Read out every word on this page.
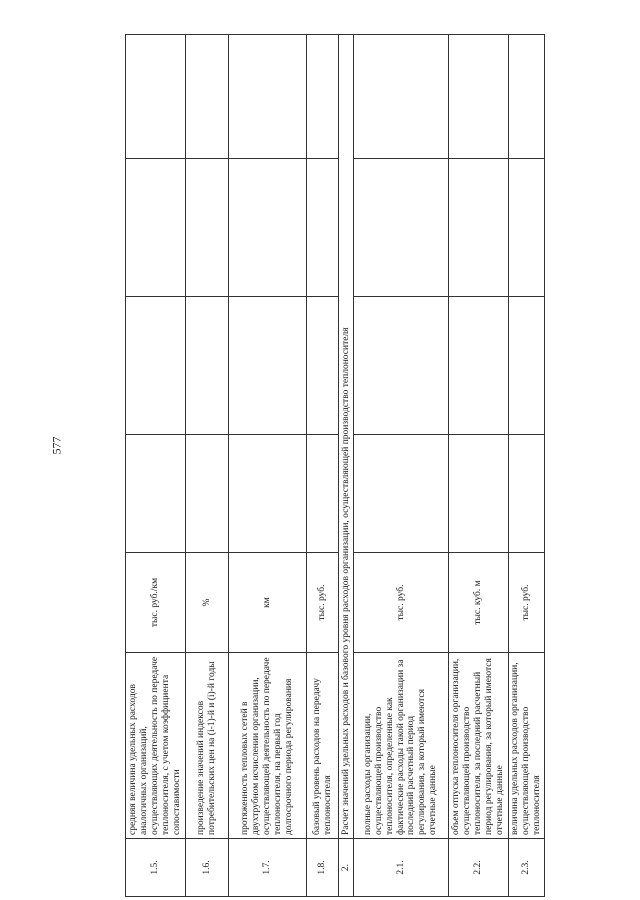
577
1.5.	средняя величина удельных расходов аналогичных организаций, осуществляющих деятельность по передаче теплоносителя, с учетом коэффициента сопоставимости	тыс. руб./км				
1.6.	произведение значений индексов потребительских цен на (i-1)-й и (i)-й годы	%				
1.7.	протяженность тепловых сетей в двухтрубном исчислении организации, осуществляющей деятельность по передаче теплоносителя, на первый год долгосрочного периода регулирования	км				
1.8.	базовый уровень расходов на передачу теплоносителя	тыс. руб.				
2.	Расчет значений удельных расходов и базового уровня расходов организации, осуществляющей производство теплоносителя					
2.1.	полные расходы организации, осуществляющей производство теплоносителя, определенные как фактические расходы такой организации за последний расчетный период регулирования, за который имеются отчетные данные	тыс. руб.				
2.2.	объем отпуска теплоносителя организации, осуществляющей производство теплоносителя, за последний расчетный период регулирования, за который имеются отчетные данные	тыс. куб. м				
2.3.	величина удельных расходов организации, осуществляющей производство теплоносителя	тыс. руб.				
